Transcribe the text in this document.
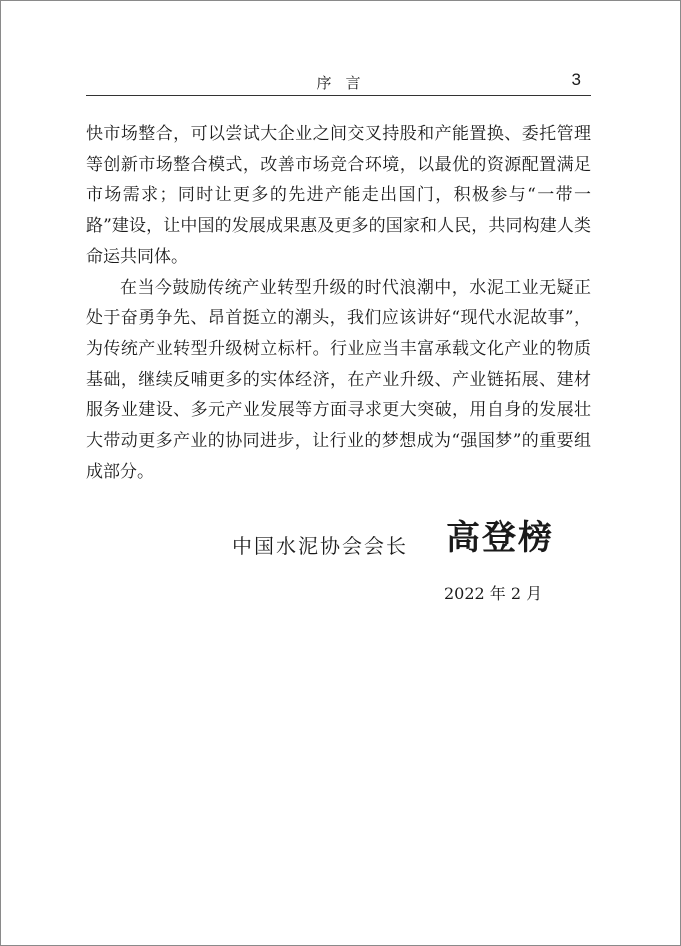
序言	3

快市场整合，可以尝试大企业之间交叉持股和产能置换、委托管理等创新市场整合模式，改善市场竞合环境，以最优的资源配置满足市场需求；同时让更多的先进产能走出国门，积极参与“一带一路”建设，让中国的发展成果惠及更多的国家和人民，共同构建人类命运共同体。

在当今鼓励传统产业转型升级的时代浪潮中，水泥工业无疑正处于奋勇争先、昂首挺立的潮头，我们应该讲好“现代水泥故事”，为传统产业转型升级树立标杆。行业应当丰富承载文化产业的物质基础，继续反哺更多的实体经济，在产业升级、产业链拓展、建材服务业建设、多元产业发展等方面寻求更大突破，用自身的发展壮大带动更多产业的协同进步，让行业的梦想成为“强国梦”的重要组成部分。

中国水泥协会会长 高登榜
2022 年 2 月
